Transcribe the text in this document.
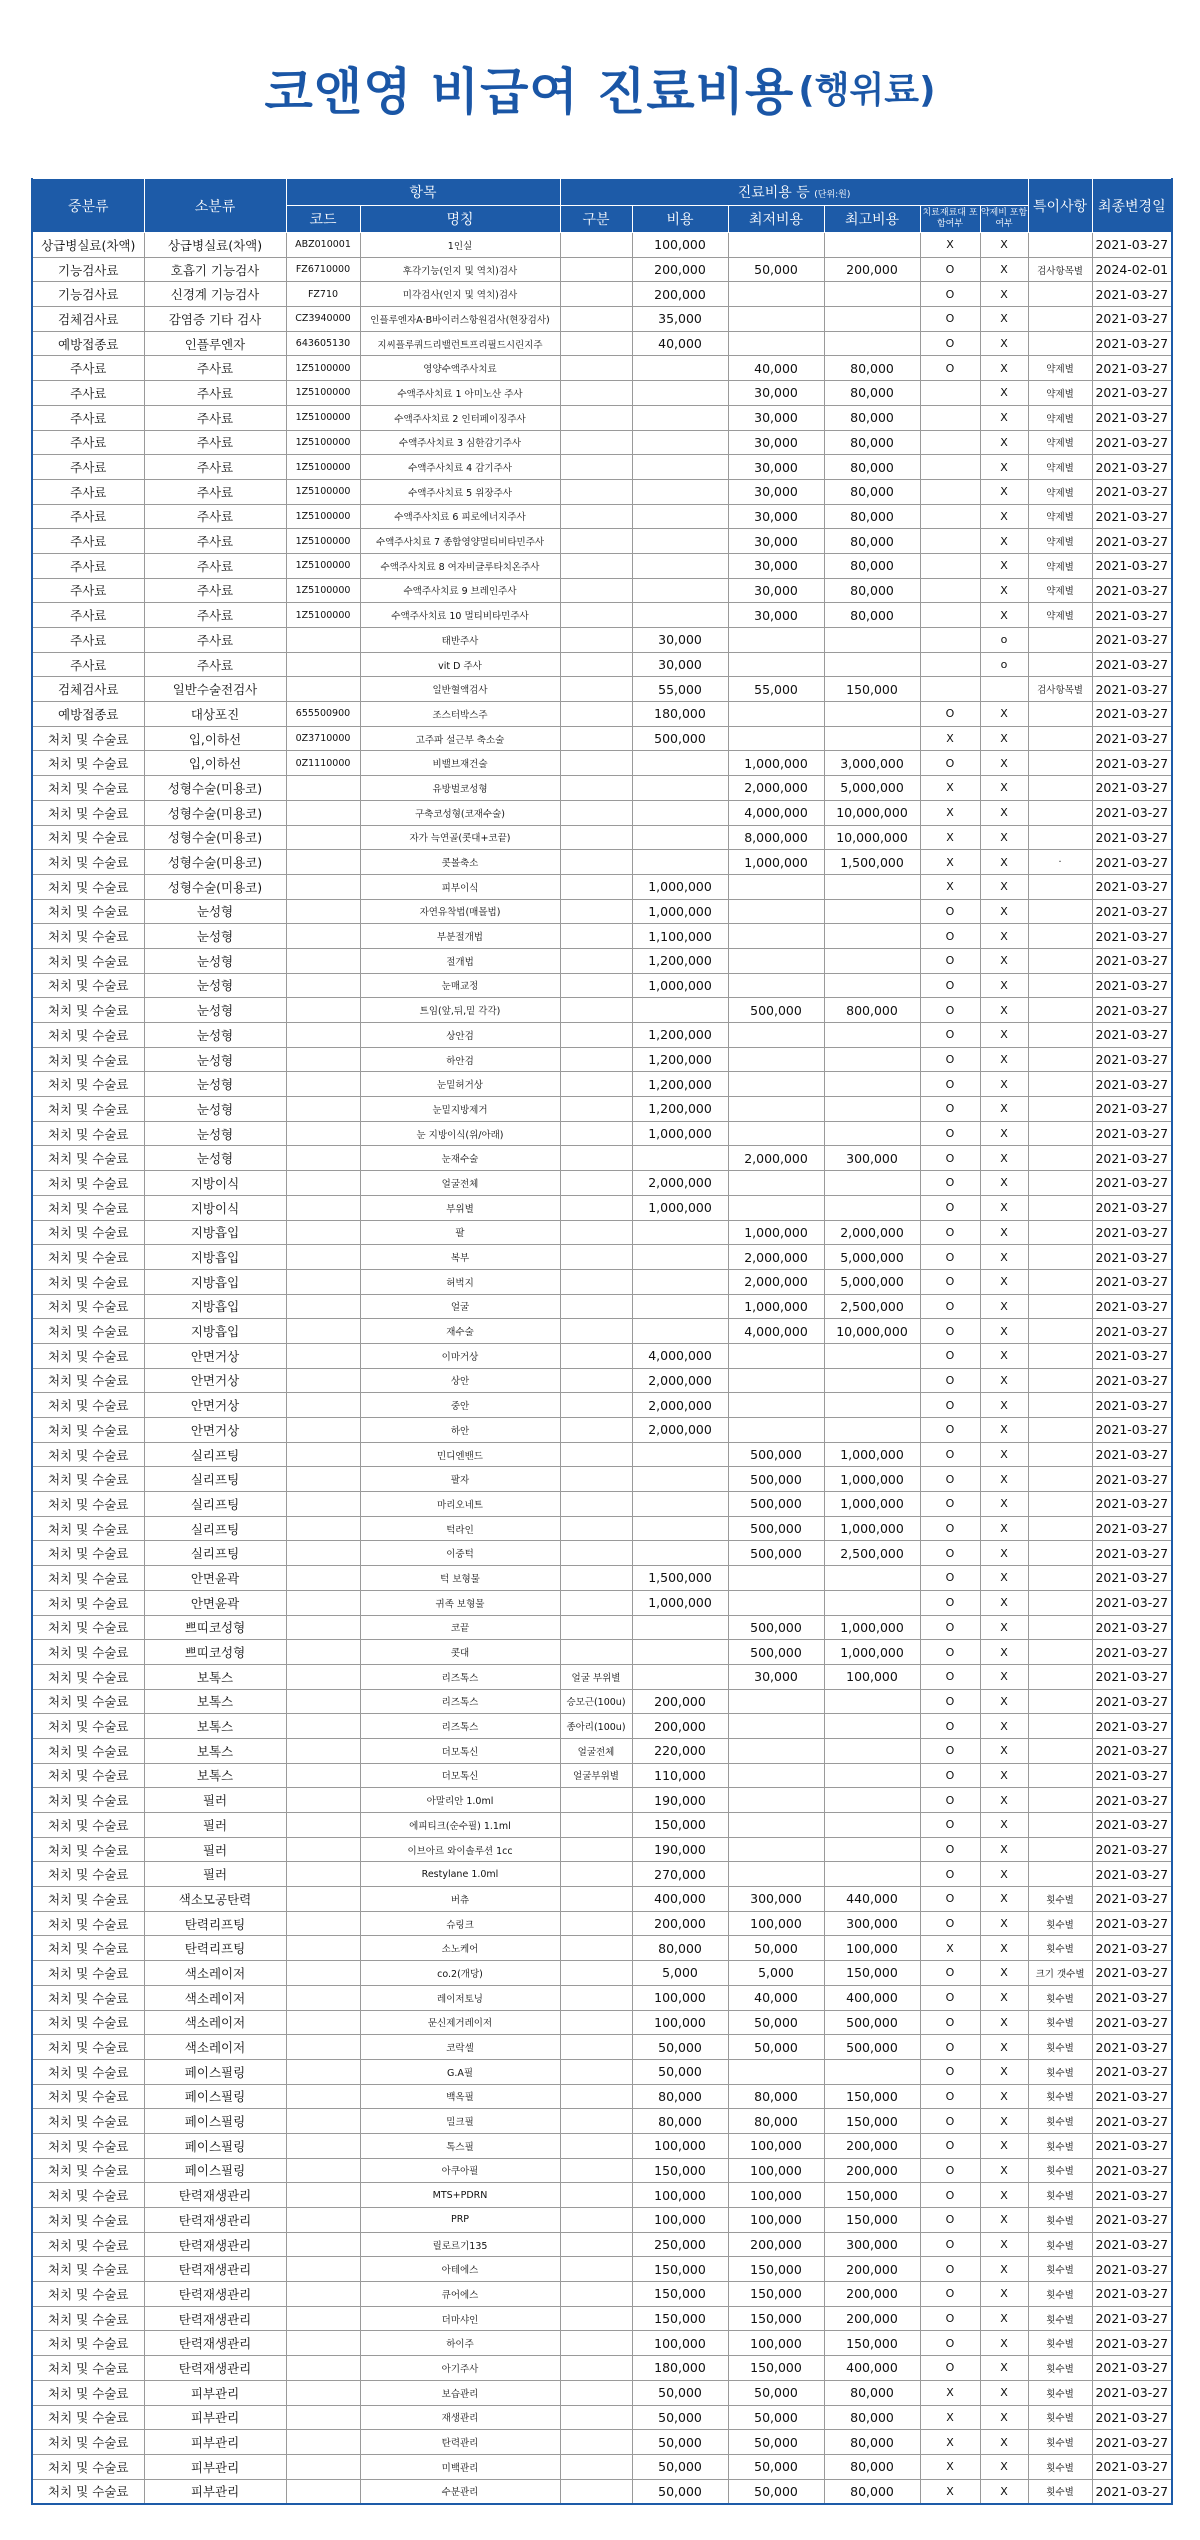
코앤영 비급여 진료비용 (행위료)
중분류	소분류	항목		진료비용 등 (단위:원)						특이사항	최종변경일
		코드	명칭	구분	비용	최저비용	최고비용	치료재료대 포함여부	약제비 포함여부		
상급병실료(차액)	상급병실료(차액)	ABZ010001	1인실		100,000			X	X		2021-03-27
기능검사료	호흡기 기능검사	FZ6710000	후각기능(인지 및 역치)검사		200,000	50,000	200,000	O	X	검사항목별	2024-02-01
기능검사료	신경계 기능검사	FZ710	미각검사(인지 및 역치)검사		200,000			O	X		2021-03-27
검체검사료	감염증 기타 검사	CZ3940000	인플루엔자A·B바이러스항원검사(현장검사)		35,000			O	X		2021-03-27
예방접종료	인플루엔자	643605130	지씨플루쿼드리밸런트프리필드시린지주		40,000			O	X		2021-03-27
주사료	주사료	1Z5100000	영양수액주사치료			40,000	80,000	O	X	약제별	2021-03-27
주사료	주사료	1Z5100000	수액주사치료 1 아미노산 주사			30,000	80,000		X	약제별	2021-03-27
주사료	주사료	1Z5100000	수액주사치료 2 인터페이징주사			30,000	80,000		X	약제별	2021-03-27
주사료	주사료	1Z5100000	수액주사치료 3 심한감기주사			30,000	80,000		X	약제별	2021-03-27
주사료	주사료	1Z5100000	수액주사치료 4 감기주사			30,000	80,000		X	약제별	2021-03-27
주사료	주사료	1Z5100000	수액주사치료 5 위장주사			30,000	80,000		X	약제별	2021-03-27
주사료	주사료	1Z5100000	수액주사치료 6 피로에너지주사			30,000	80,000		X	약제별	2021-03-27
주사료	주사료	1Z5100000	수액주사치료 7 종합영양멀티비타민주사			30,000	80,000		X	약제별	2021-03-27
주사료	주사료	1Z5100000	수액주사치료 8 여자비글루타치온주사			30,000	80,000		X	약제별	2021-03-27
주사료	주사료	1Z5100000	수액주사치료 9 브레인주사			30,000	80,000		X	약제별	2021-03-27
주사료	주사료	1Z5100000	수액주사치료 10 멀티비타민주사			30,000	80,000		X	약제별	2021-03-27
주사료	주사료		태반주사		30,000				o		2021-03-27
주사료	주사료		vit D 주사		30,000				o		2021-03-27
검체검사료	일반수술전검사		일반혈액검사		55,000	55,000	150,000			검사항목별	2021-03-27
예방접종료	대상포진	655500900	조스터박스주		180,000			O	X		2021-03-27
처치 및 수술료	입,이하선	0Z3710000	고주파 설근부 축소술		500,000			X	X		2021-03-27
처치 및 수술료	입,이하선	0Z1110000	비밸브재건술			1,000,000	3,000,000	O	X		2021-03-27
처치 및 수술료	성형수술(미용코)		유방벌코성형			2,000,000	5,000,000	X	X		2021-03-27
처치 및 수술료	성형수술(미용코)		구축코성형(코재수술)			4,000,000	10,000,000	X	X		2021-03-27
처치 및 수술료	성형수술(미용코)		자가 늑연골(콧대+코끝)			8,000,000	10,000,000	X	X		2021-03-27
처치 및 수술료	성형수술(미용코)		콧볼축소			1,000,000	1,500,000	X	X	·	2021-03-27
처치 및 수술료	성형수술(미용코)		피부이식		1,000,000			X	X		2021-03-27
처치 및 수술료	눈성형		자연유착법(매몰법)		1,000,000			O	X		2021-03-27
처치 및 수술료	눈성형		부분절개법		1,100,000			O	X		2021-03-27
처치 및 수술료	눈성형		절개법		1,200,000			O	X		2021-03-27
처치 및 수술료	눈성형		눈매교정		1,000,000			O	X		2021-03-27
처치 및 수술료	눈성형		트임(앞,뒤,밑 각각)			500,000	800,000	O	X		2021-03-27
처치 및 수술료	눈성형		상안검		1,200,000			O	X		2021-03-27
처치 및 수술료	눈성형		하안검		1,200,000			O	X		2021-03-27
처치 및 수술료	눈성형		눈밑허거상		1,200,000			O	X		2021-03-27
처치 및 수술료	눈성형		눈밑지방제거		1,200,000			O	X		2021-03-27
처치 및 수술료	눈성형		눈 지방이식(위/아래)		1,000,000			O	X		2021-03-27
처치 및 수술료	눈성형		눈재수술			2,000,000	300,000	O	X		2021-03-27
처치 및 수술료	지방이식		얼굴전체		2,000,000			O	X		2021-03-27
처치 및 수술료	지방이식		부위별		1,000,000			O	X		2021-03-27
처치 및 수술료	지방흡입		팔			1,000,000	2,000,000	O	X		2021-03-27
처치 및 수술료	지방흡입		복부			2,000,000	5,000,000	O	X		2021-03-27
처치 및 수술료	지방흡입		허벅지			2,000,000	5,000,000	O	X		2021-03-27
처치 및 수술료	지방흡입		얼굴			1,000,000	2,500,000	O	X		2021-03-27
처치 및 수술료	지방흡입		재수술			4,000,000	10,000,000	O	X		2021-03-27
처치 및 수술료	안면거상		이마거상		4,000,000			O	X		2021-03-27
처치 및 수술료	안면거상		상안		2,000,000			O	X		2021-03-27
처치 및 수술료	안면거상		중안		2,000,000			O	X		2021-03-27
처치 및 수술료	안면거상		하안		2,000,000			O	X		2021-03-27
처치 및 수술료	실리프팅		민디엔밴드			500,000	1,000,000	O	X		2021-03-27
처치 및 수술료	실리프팅		팔자			500,000	1,000,000	O	X		2021-03-27
처치 및 수술료	실리프팅		마리오네트			500,000	1,000,000	O	X		2021-03-27
처치 및 수술료	실리프팅		턱라인			500,000	1,000,000	O	X		2021-03-27
처치 및 수술료	실리프팅		이중턱			500,000	2,500,000	O	X		2021-03-27
처치 및 수술료	안면윤곽		턱 보형물		1,500,000			O	X		2021-03-27
처치 및 수술료	안면윤곽		귀족 보형물		1,000,000			O	X		2021-03-27
처치 및 수술료	쁘띠코성형		코끝			500,000	1,000,000	O	X		2021-03-27
처치 및 수술료	쁘띠코성형		콧대			500,000	1,000,000	O	X		2021-03-27
처치 및 수술료	보톡스		리즈톡스	얼굴 부위별		30,000	100,000	O	X		2021-03-27
처치 및 수술료	보톡스		리즈톡스	승모근(100u)	200,000			O	X		2021-03-27
처치 및 수술료	보톡스		리즈톡스	종아리(100u)	200,000			O	X		2021-03-27
처치 및 수술료	보톡스		더모톡신	얼굴전체	220,000			O	X		2021-03-27
처치 및 수술료	보톡스		더모톡신	얼굴부위별	110,000			O	X		2021-03-27
처치 및 수술료	필러		아말리안 1.0ml		190,000			O	X		2021-03-27
처치 및 수술료	필러		에피티크(순수필) 1.1ml		150,000			O	X		2021-03-27
처치 및 수술료	필러		이브아르 와이솔루션 1cc		190,000			O	X		2021-03-27
처치 및 수술료	필러		Restylane 1.0ml		270,000			O	X		2021-03-27
처치 및 수술료	색소모공탄력		버츄		400,000	300,000	440,000	O	X	횟수별	2021-03-27
처치 및 수술료	탄력리프팅		슈링크		200,000	100,000	300,000	O	X	횟수별	2021-03-27
처치 및 수술료	탄력리프팅		소노케어		80,000	50,000	100,000	X	X	횟수별	2021-03-27
처치 및 수술료	색소레이저		co.2(개당)		5,000	5,000	150,000	O	X	크기 갯수별	2021-03-27
처치 및 수술료	색소레이저		레이저토닝		100,000	40,000	400,000	O	X	횟수별	2021-03-27
처치 및 수술료	색소레이저		문신제거레이저		100,000	50,000	500,000	O	X	횟수별	2021-03-27
처치 및 수술료	색소레이저		코락셀		50,000	50,000	500,000	O	X	횟수별	2021-03-27
처치 및 수술료	페이스필링		G.A필		50,000			O	X	횟수별	2021-03-27
처치 및 수술료	페이스필링		백옥필		80,000	80,000	150,000	O	X	횟수별	2021-03-27
처치 및 수술료	페이스필링		밀크필		80,000	80,000	150,000	O	X	횟수별	2021-03-27
처치 및 수술료	페이스필링		톡스필		100,000	100,000	200,000	O	X	횟수별	2021-03-27
처치 및 수술료	페이스필링		아쿠아필		150,000	100,000	200,000	O	X	횟수별	2021-03-27
처치 및 수술료	탄력재생관리		MTS+PDRN		100,000	100,000	150,000	O	X	횟수별	2021-03-27
처치 및 수술료	탄력재생관리		PRP		100,000	100,000	150,000	O	X	횟수별	2021-03-27
처치 및 수술료	탄력재생관리		릴로르기135		250,000	200,000	300,000	O	X	횟수별	2021-03-27
처치 및 수술료	탄력재생관리		아테에스		150,000	150,000	200,000	O	X	횟수별	2021-03-27
처치 및 수술료	탄력재생관리		큐어에스		150,000	150,000	200,000	O	X	횟수별	2021-03-27
처치 및 수술료	탄력재생관리		더마샤인		150,000	150,000	200,000	O	X	횟수별	2021-03-27
처치 및 수술료	탄력재생관리		하이주		100,000	100,000	150,000	O	X	횟수별	2021-03-27
처치 및 수술료	탄력재생관리		아기주사		180,000	150,000	400,000	O	X	횟수별	2021-03-27
처치 및 수술료	피부관리		보습관리		50,000	50,000	80,000	X	X	횟수별	2021-03-27
처치 및 수술료	피부관리		재생관리		50,000	50,000	80,000	X	X	횟수별	2021-03-27
처치 및 수술료	피부관리		탄력관리		50,000	50,000	80,000	X	X	횟수별	2021-03-27
처치 및 수술료	피부관리		미백관리		50,000	50,000	80,000	X	X	횟수별	2021-03-27
처치 및 수술료	피부관리		수분관리		50,000	50,000	80,000	X	X	횟수별	2021-03-27
